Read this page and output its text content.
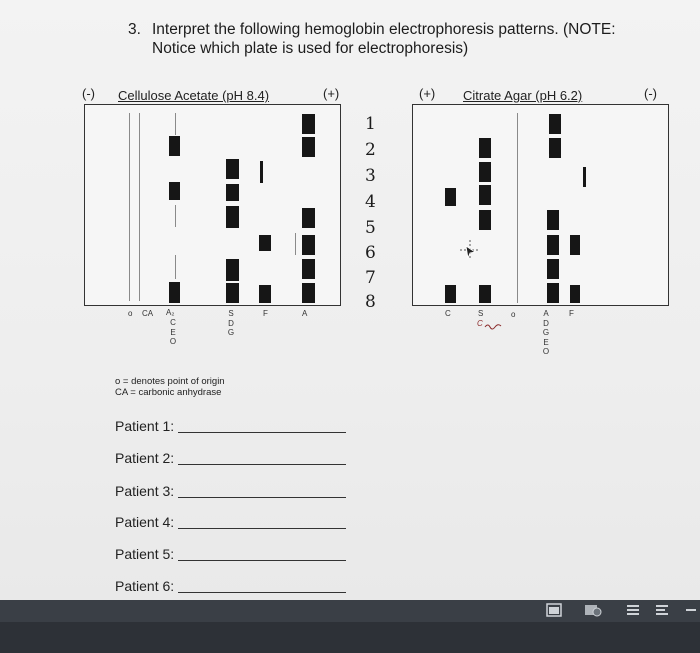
3. Interpret the following hemoglobin electrophoresis patterns. (NOTE:
Notice which plate is used for electrophoresis)
(-) Cellulose Acetate (pH 8.4)	(+)
o CA A₂
C
E
O
S
D
G
F	A
1
2
3
4
5
6
7
8
(+) Citrate Agar (pH 6.2)	(-)
C	S
C
o	A
D
G
E
O
F
o = denotes point of origin
CA = carbonic anhydrase
Patient 1:
Patient 2:
Patient 3:
Patient 4:
Patient 5:
Patient 6:
